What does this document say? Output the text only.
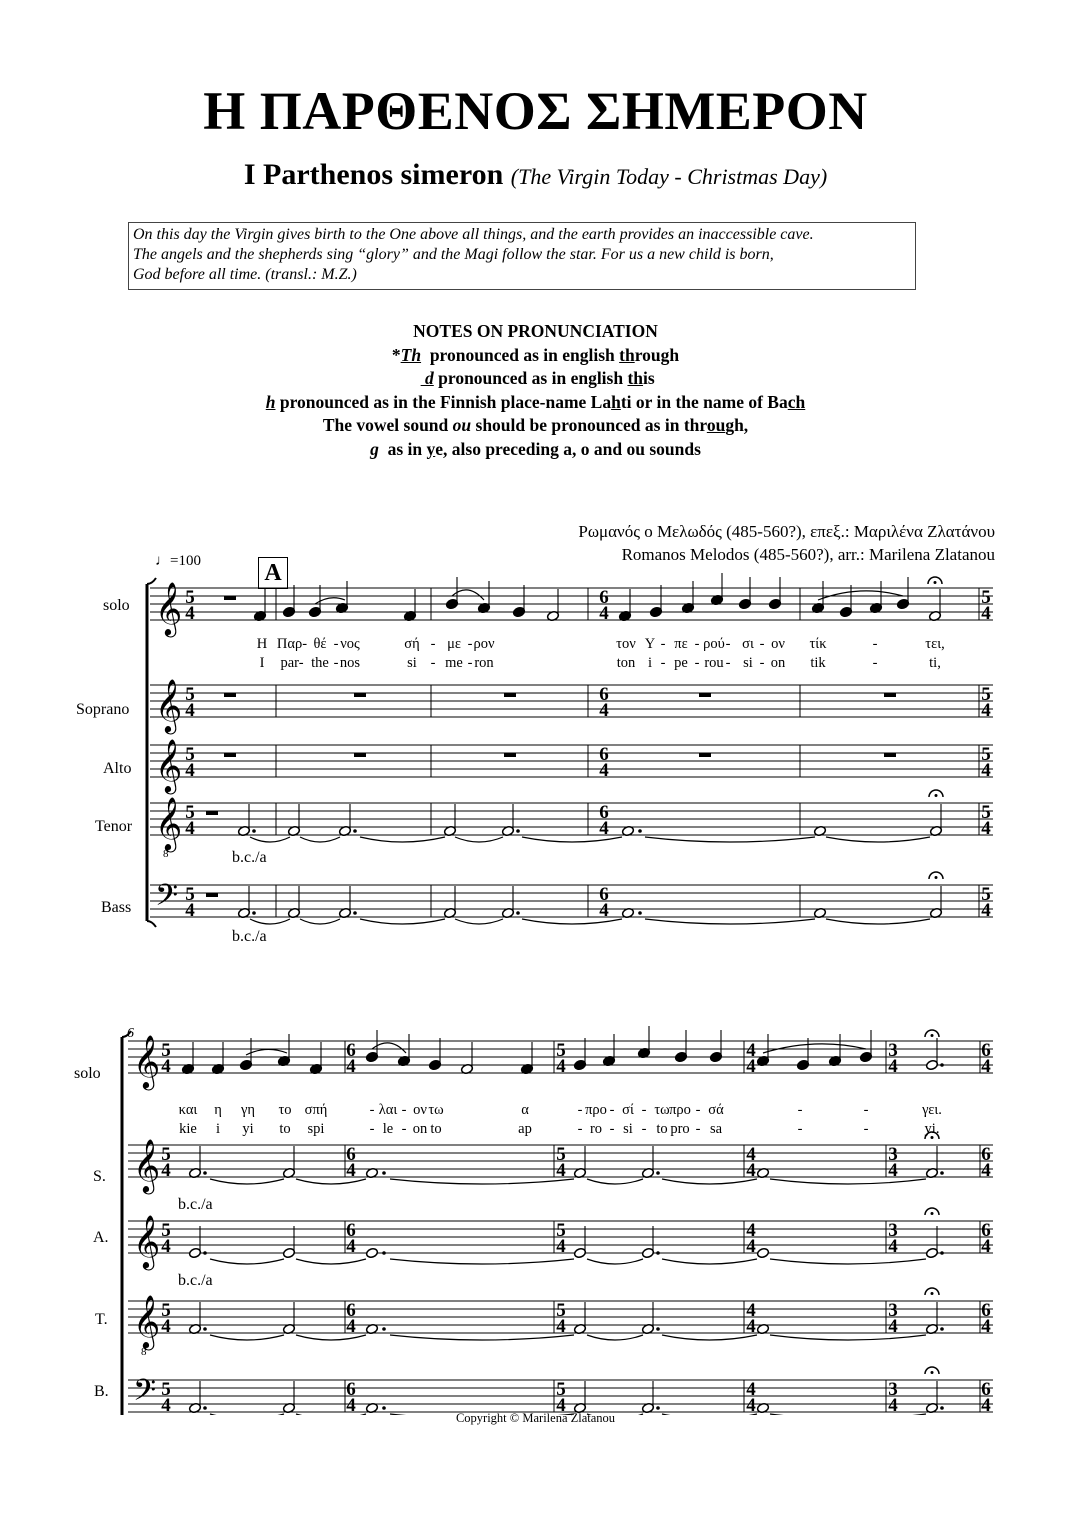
Η ΠΑΡΘΕΝΟΣ ΣΗΜΕΡΟΝ
I Parthenos simeron (The Virgin Today - Christmas Day)
On this day the Virgin gives birth to the One above all things, and the earth provides an inaccessible cave.
The angels and the shepherds sing “glory” and the Magi follow the star. For us a new child is born,
God before all time. (transl.: M.Z.)
NOTES ON PRONUNCIATION
*Th  pronounced as in english through
d pronounced as in english this
h pronounced as in the Finnish place-name Lahti or in the name of Bach
The vowel sound ou should be pronounced as in through,
g  as in ye, also preceding a, o and ou sounds
Ρωμανός ο Μελωδός (485-560?), επεξ.: Μαριλένα Ζλατάνου
Romanos Melodos (485-560?), arr.: Marilena Zlatanou
♩=100	A
𝄞 5
4
6
4
5
4
𝄞 5
4
6
4
5
4
𝄞 5
4
6
4
5
4
𝄞 5
4
6
4
5
4
8
𝄢 5
4
6
4
5
4
𝄞 5
4
6
4
5
4
4
4
3
4
6
4
𝄞 5
4
6
4
5
4
4
4
3
4
6
4
𝄞 5
4
6
4
5
4
4
4
3
4
6
4
𝄞 5
4
6
4
5
4
4
4
3
4
6
4
8
𝄢 5
4
6
4
5
4
4
4
3
4
6
4
solo
Soprano
Alto
Tenor
Bass
b.c./a
b.c./a
6
solo
S.
A.
T.
B.
b.c./a
b.c./a
Η Παρ- θέ - νος	σή - με - ρον	τον Υ - πε - ρού - σι - ον τίκ	-	τει,
I par- the - nos	si - me - ron	ton i - pe - rou - si - on tik	-	ti,
και η γη το σπή	- λαι - ον τω	α	- προ - σί - τω προ - σά	-	-	γει.
kie i yi to spi	- le - on to	ap	- ro - si - to pro - sa	-	-	yi.
Copyright © Marilena Zlatanou
